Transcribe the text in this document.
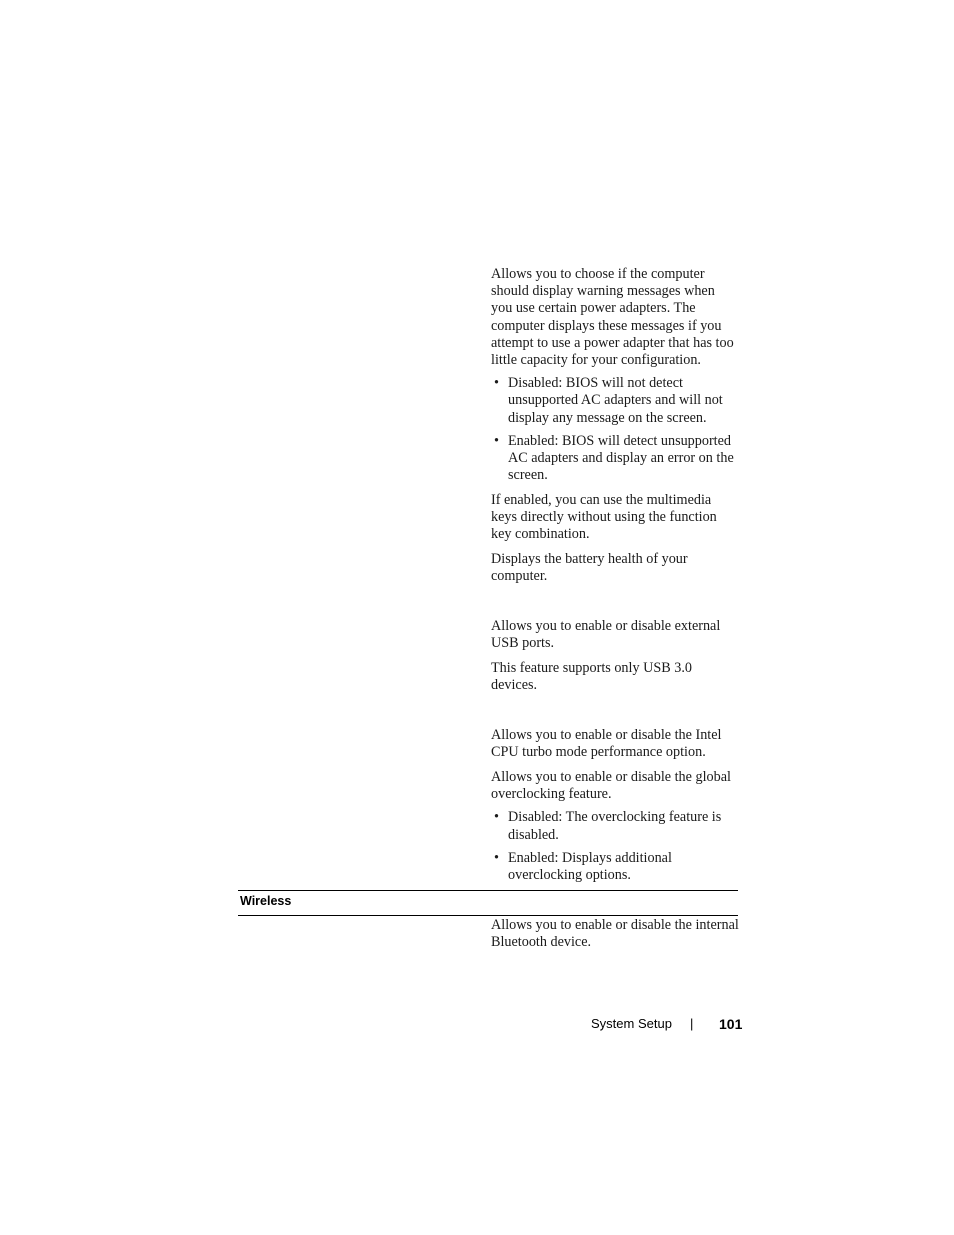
Allows you to choose if the computer should display warning messages when you use certain power adapters. The computer displays these messages if you attempt to use a power adapter that has too little capacity for your configuration.

• Disabled: BIOS will not detect unsupported AC adapters and will not display any message on the screen.
• Enabled: BIOS will detect unsupported AC adapters and display an error on the screen.

If enabled, you can use the multimedia keys directly without using the function key combination.

Displays the battery health of your computer.

Allows you to enable or disable external USB ports.

This feature supports only USB 3.0 devices.

Allows you to enable or disable the Intel CPU turbo mode performance option.

Allows you to enable or disable the global overclocking feature.

• Disabled: The overclocking feature is disabled.
• Enabled: Displays additional overclocking options.
Wireless

Allows you to enable or disable the internal Bluetooth device.

System Setup | 101
